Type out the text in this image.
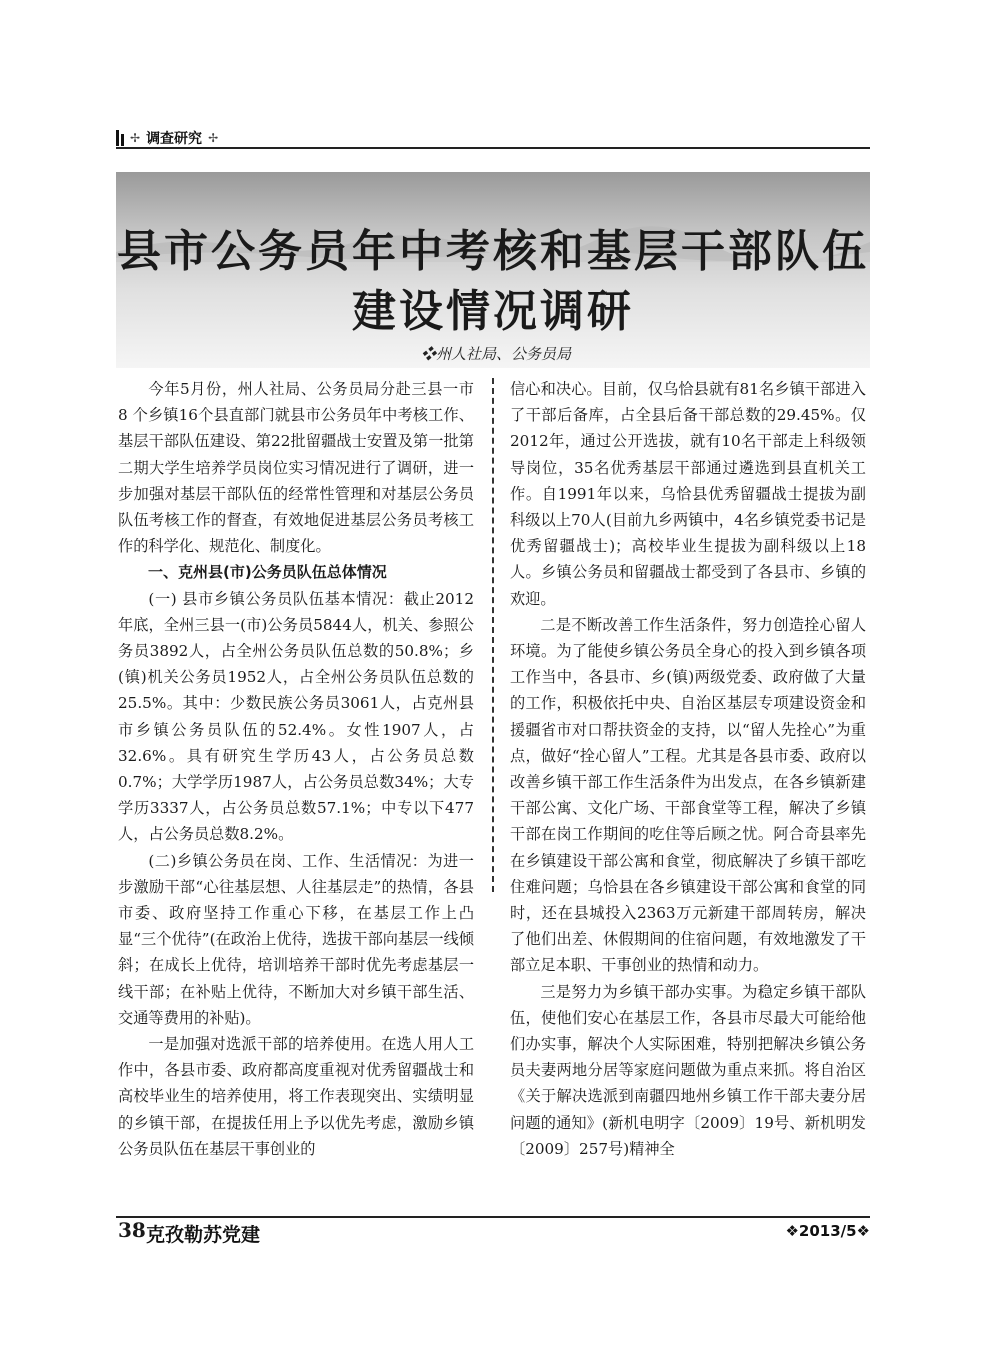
✢ 调查研究 ✢
县市公务员年中考核和基层干部队伍
建设情况调研
❖州人社局、公务员局

今年5月份，州人社局、公务员局分赴三县一市 8 个乡镇16个县直部门就县市公务员年中考核工作、基层干部队伍建设、第22批留疆战士安置及第一批第二期大学生培养学员岗位实习情况进行了调研，进一步加强对基层干部队伍的经常性管理和对基层公务员队伍考核工作的督查，有效地促进基层公务员考核工作的科学化、规范化、制度化。

一、克州县(市)公务员队伍总体情况

(一) 县市乡镇公务员队伍基本情况：截止2012年底，全州三县一(市)公务员5844人，机关、参照公务员3892人，占全州公务员队伍总数的50.8%；乡(镇)机关公务员1952人，占全州公务员队伍总数的25.5%。其中：少数民族公务员3061人，占克州县市乡镇公务员队伍的52.4%。女性1907人，占32.6%。具有研究生学历43人，占公务员总数0.7%；大学学历1987人，占公务员总数34%；大专学历3337人，占公务员总数57.1%；中专以下477人，占公务员总数8.2%。

(二)乡镇公务员在岗、工作、生活情况：为进一步激励干部“心往基层想、人往基层走”的热情，各县市委、政府坚持工作重心下移，在基层工作上凸显“三个优待”(在政治上优待，选拔干部向基层一线倾斜；在成长上优待，培训培养干部时优先考虑基层一线干部；在补贴上优待，不断加大对乡镇干部生活、交通等费用的补贴)。

一是加强对选派干部的培养使用。在选人用人工作中，各县市委、政府都高度重视对优秀留疆战士和高校毕业生的培养使用，将工作表现突出、实绩明显的乡镇干部，在提拔任用上予以优先考虑，激励乡镇公务员队伍在基层干事创业的

信心和决心。目前，仅乌恰县就有81名乡镇干部进入了干部后备库，占全县后备干部总数的29.45%。仅2012年，通过公开选拔，就有10名干部走上科级领导岗位，35名优秀基层干部通过遴选到县直机关工作。自1991年以来，乌恰县优秀留疆战士提拔为副科级以上70人(目前九乡两镇中，4名乡镇党委书记是优秀留疆战士)；高校毕业生提拔为副科级以上18人。乡镇公务员和留疆战士都受到了各县市、乡镇的欢迎。

二是不断改善工作生活条件，努力创造拴心留人环境。为了能使乡镇公务员全身心的投入到乡镇各项工作当中，各县市、乡(镇)两级党委、政府做了大量的工作，积极依托中央、自治区基层专项建设资金和援疆省市对口帮扶资金的支持，以“留人先拴心”为重点，做好“拴心留人”工程。尤其是各县市委、政府以改善乡镇干部工作生活条件为出发点，在各乡镇新建干部公寓、文化广场、干部食堂等工程，解决了乡镇干部在岗工作期间的吃住等后顾之忧。阿合奇县率先在乡镇建设干部公寓和食堂，彻底解决了乡镇干部吃住难问题；乌恰县在各乡镇建设干部公寓和食堂的同时，还在县城投入2363万元新建干部周转房，解决了他们出差、休假期间的住宿问题，有效地激发了干部立足本职、干事创业的热情和动力。

三是努力为乡镇干部办实事。为稳定乡镇干部队伍，使他们安心在基层工作，各县市尽最大可能给他们办实事，解决个人实际困难，特别把解决乡镇公务员夫妻两地分居等家庭问题做为重点来抓。将自治区《关于解决选派到南疆四地州乡镇工作干部夫妻分居问题的通知》(新机电明字〔2009〕19号、新机明发〔2009〕257号)精神全

38 克孜勒苏党建	❖2013/5❖
